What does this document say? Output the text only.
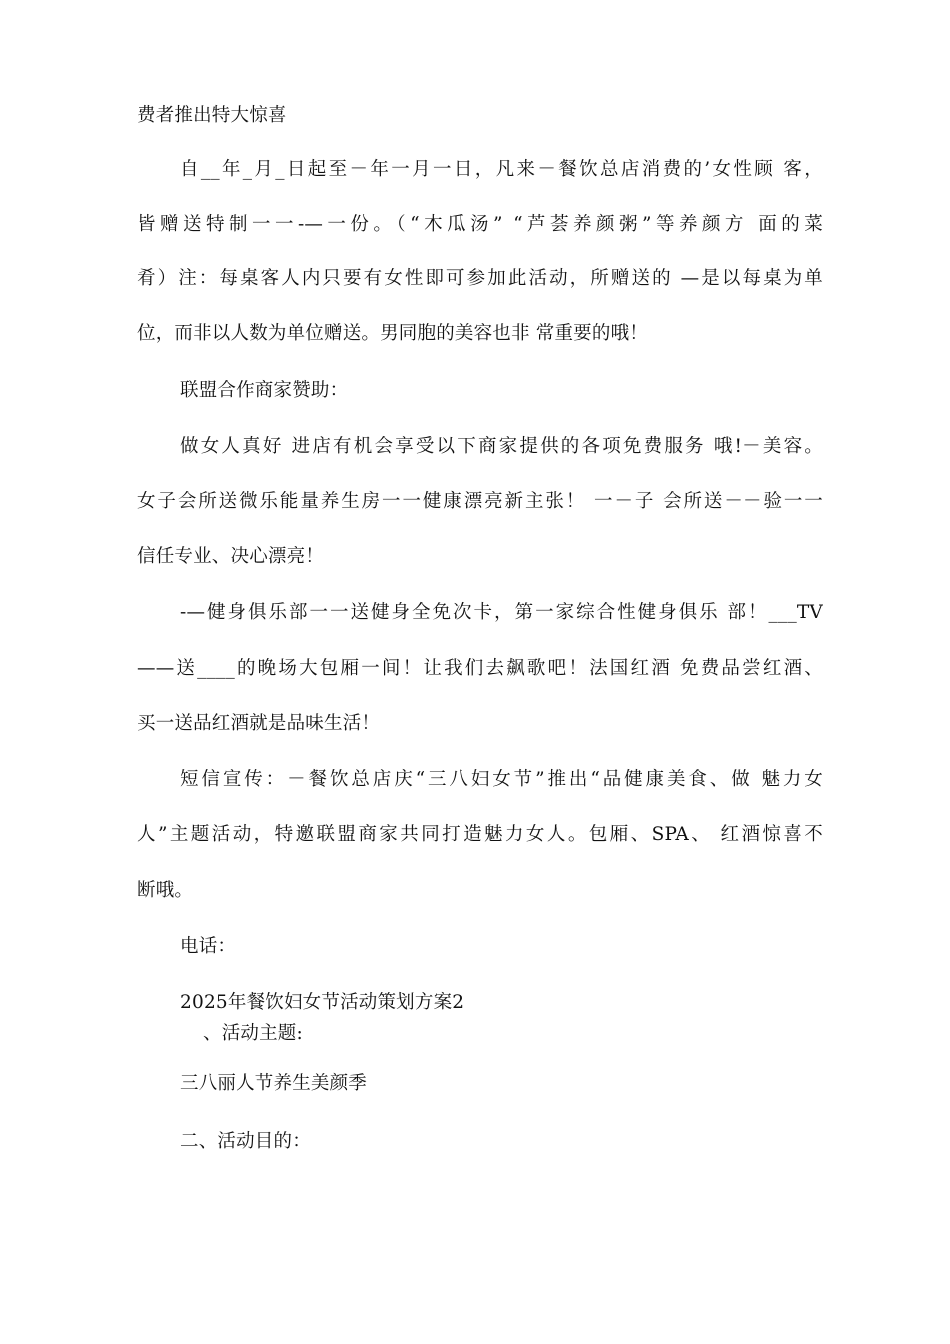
费者推出特大惊喜
自__年_月_日起至－年一月一日，凡来－餐饮总店消费的’女性顾 客，
皆赠送特制一一-—一份。（“木瓜汤” “芦荟养颜粥”等养颜方 面的菜
肴）注：每桌客人内只要有女性即可参加此活动，所赠送的 —是以每桌为单
位，而非以人数为单位赠送。男同胞的美容也非 常重要的哦！
联盟合作商家赞助：
做女人真好 进店有机会享受以下商家提供的各项免费服务 哦!－美容。
女子会所送微乐能量养生房一一健康漂亮新主张！ 一－子 会所送－－验一一
信任专业、决心漂亮！
-—健身俱乐部一一送健身全免次卡，第一家综合性健身俱乐 部！___TV
——送____的晚场大包厢一间！让我们去飙歌吧！法国红酒 免费品尝红酒、
买一送品红酒就是品味生活！
短信宣传：－餐饮总店庆“三八妇女节”推出“品健康美食、做 魅力女
人”主题活动，特邀联盟商家共同打造魅力女人。包厢、SPA、 红酒惊喜不
断哦。
电话：
2025年餐饮妇女节活动策划方案2
、活动主题:
三八丽人节养生美颜季
二、活动目的：
